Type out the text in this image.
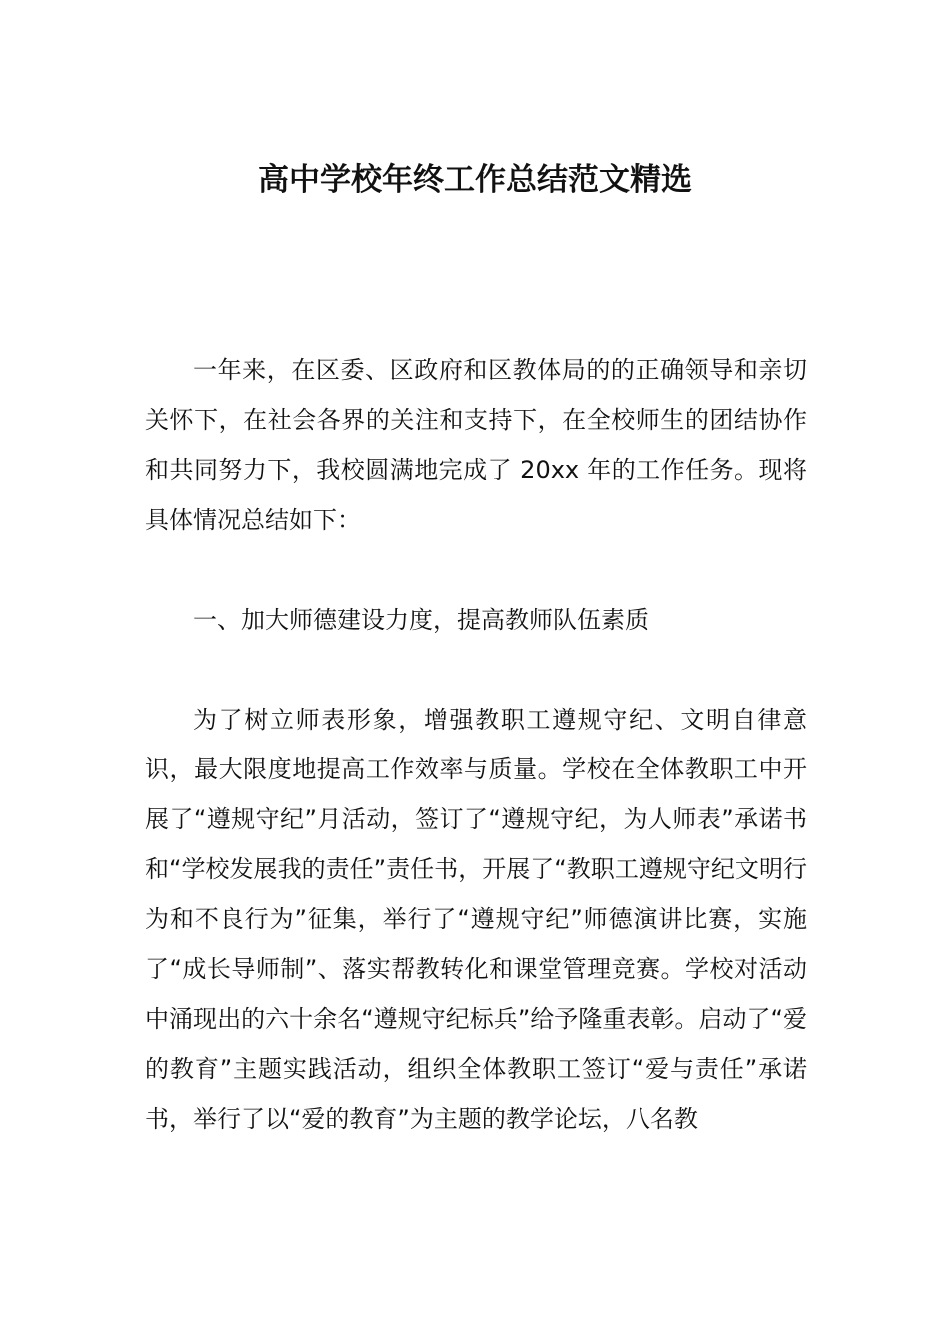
高中学校年终工作总结范文精选

一年来，在区委、区政府和区教体局的的正确领导和亲切关怀下，在社会各界的关注和支持下，在全校师生的团结协作和共同努力下，我校圆满地完成了 20xx 年的工作任务。现将具体情况总结如下：

一、加大师德建设力度，提高教师队伍素质

为了树立师表形象，增强教职工遵规守纪、文明自律意识，最大限度地提高工作效率与质量。学校在全体教职工中开展了“遵规守纪”月活动，签订了“遵规守纪，为人师表”承诺书和“学校发展我的责任”责任书，开展了“教职工遵规守纪文明行为和不良行为”征集，举行了“遵规守纪”师德演讲比赛，实施了“成长导师制”、落实帮教转化和课堂管理竞赛。学校对活动中涌现出的六十余名“遵规守纪标兵”给予隆重表彰。启动了“爱的教育”主题实践活动，组织全体教职工签订“爱与责任”承诺书，举行了以“爱的教育”为主题的教学论坛，八名教
